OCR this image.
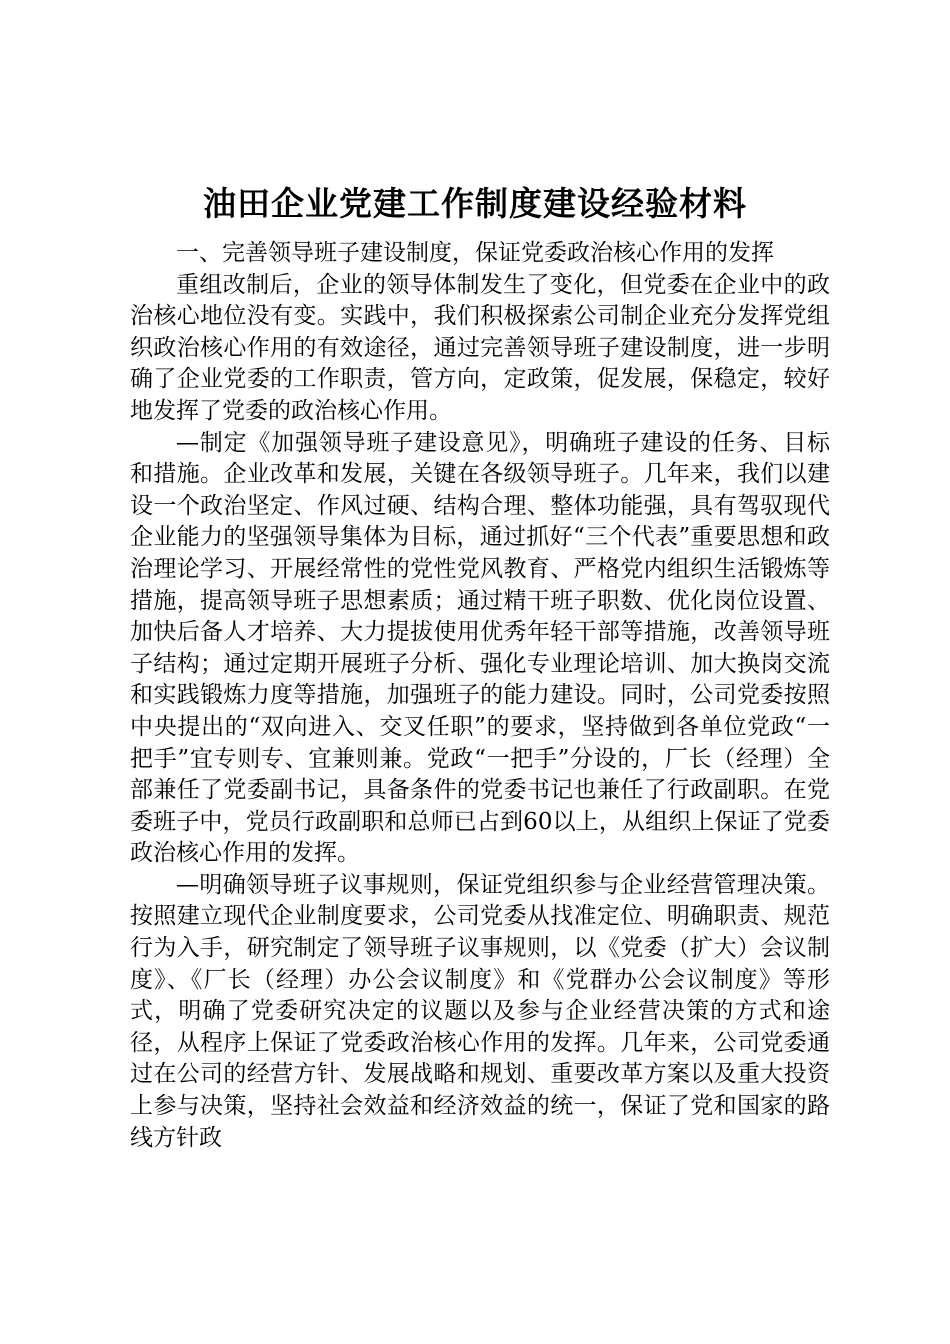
油田企业党建工作制度建设经验材料

一、完善领导班子建设制度，保证党委政治核心作用的发挥

重组改制后，企业的领导体制发生了变化，但党委在企业中的政治核心地位没有变。实践中，我们积极探索公司制企业充分发挥党组织政治核心作用的有效途径，通过完善领导班子建设制度，进一步明确了企业党委的工作职责，管方向，定政策，促发展，保稳定，较好地发挥了党委的政治核心作用。

—制定《加强领导班子建设意见》，明确班子建设的任务、目标和措施。企业改革和发展，关键在各级领导班子。几年来，我们以建设一个政治坚定、作风过硬、结构合理、整体功能强，具有驾驭现代企业能力的坚强领导集体为目标，通过抓好“三个代表”重要思想和政治理论学习、开展经常性的党性党风教育、严格党内组织生活锻炼等措施，提高领导班子思想素质；通过精干班子职数、优化岗位设置、加快后备人才培养、大力提拔使用优秀年轻干部等措施，改善领导班子结构；通过定期开展班子分析、强化专业理论培训、加大换岗交流和实践锻炼力度等措施，加强班子的能力建设。同时，公司党委按照中央提出的“双向进入、交叉任职”的要求，坚持做到各单位党政“一把手”宜专则专、宜兼则兼。党政“一把手”分设的，厂长（经理）全部兼任了党委副书记，具备条件的党委书记也兼任了行政副职。在党委班子中，党员行政副职和总师已占到60以上，从组织上保证了党委政治核心作用的发挥。

—明确领导班子议事规则，保证党组织参与企业经营管理决策。按照建立现代企业制度要求，公司党委从找准定位、明确职责、规范行为入手，研究制定了领导班子议事规则，以《党委（扩大）会议制度》、《厂长（经理）办公会议制度》和《党群办公会议制度》等形式，明确了党委研究决定的议题以及参与企业经营决策的方式和途径，从程序上保证了党委政治核心作用的发挥。几年来，公司党委通过在公司的经营方针、发展战略和规划、重要改革方案以及重大投资上参与决策，坚持社会效益和经济效益的统一，保证了党和国家的路线方针政
